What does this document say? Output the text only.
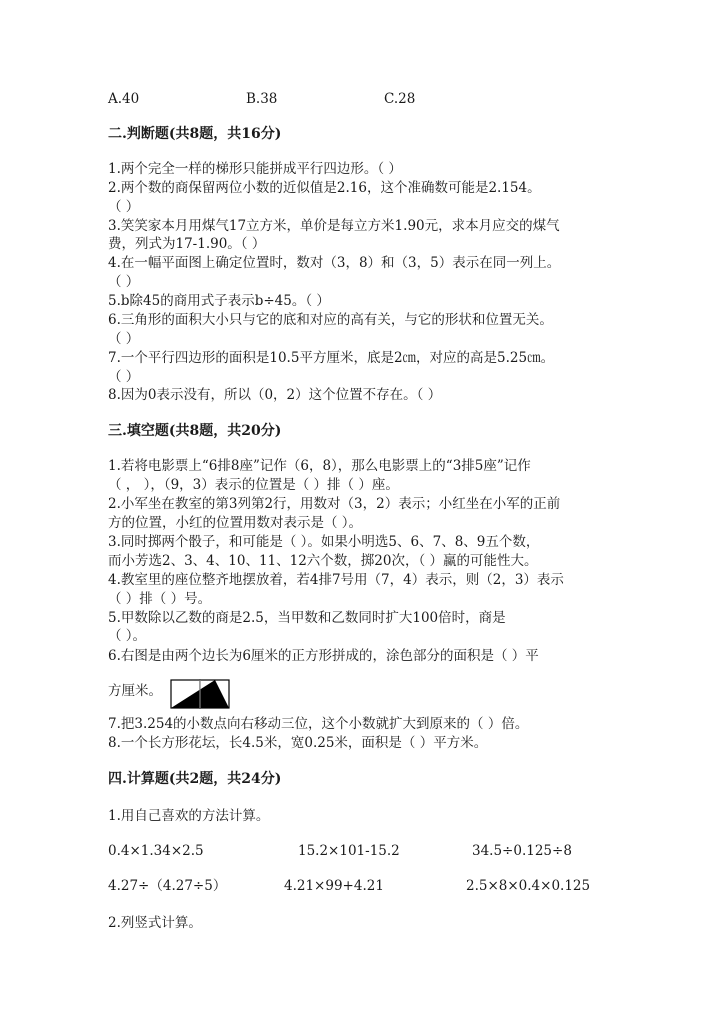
A.40	B.38	C.28
二.判断题(共8题，共16分)
1.两个完全一样的梯形只能拼成平行四边形。（ ）
2.两个数的商保留两位小数的近似值是2.16，这个准确数可能是2.154。
（ ）
3.笑笑家本月用煤气17立方米，单价是每立方米1.90元，求本月应交的煤气
费，列式为17-1.90。（ ）
4.在一幅平面图上确定位置时，数对（3，8）和（3，5）表示在同一列上。
（ ）
5.b除45的商用式子表示b÷45。（ ）
6.三角形的面积大小只与它的底和对应的高有关，与它的形状和位置无关。
（ ）
7.一个平行四边形的面积是10.5平方厘米，底是2㎝，对应的高是5.25㎝。
（ ）
8.因为0表示没有，所以（0，2）这个位置不存在。（ ）
三.填空题(共8题，共20分)
1.若将电影票上“6排8座”记作（6，8），那么电影票上的“3排5座”记作
（ ， ），（9，3）表示的位置是（ ）排（ ）座。
2.小军坐在教室的第3列第2行，用数对（3，2）表示；小红坐在小军的正前
方的位置，小红的位置用数对表示是（ ）。
3.同时掷两个骰子，和可能是（ ）。如果小明选5、6、7、8、9五个数，
而小芳选2、3、4、10、11、12六个数，掷20次，（ ）赢的可能性大。
4.教室里的座位整齐地摆放着，若4排7号用（7，4）表示，则（2，3）表示
（ ）排（ ）号。
5.甲数除以乙数的商是2.5，当甲数和乙数同时扩大100倍时，商是
（ ）。
6.右图是由两个边长为6厘米的正方形拼成的，涂色部分的面积是（ ）平
方厘米。
7.把3.254的小数点向右移动三位，这个小数就扩大到原来的（ ）倍。
8.一个长方形花坛，长4.5米，宽0.25米，面积是（ ）平方米。
四.计算题(共2题，共24分)
1.用自己喜欢的方法计算。
0.4×1.34×2.5	15.2×101-15.2	34.5÷0.125÷8
4.27÷（4.27÷5）	4.21×99+4.21	2.5×8×0.4×0.125
2.列竖式计算。
